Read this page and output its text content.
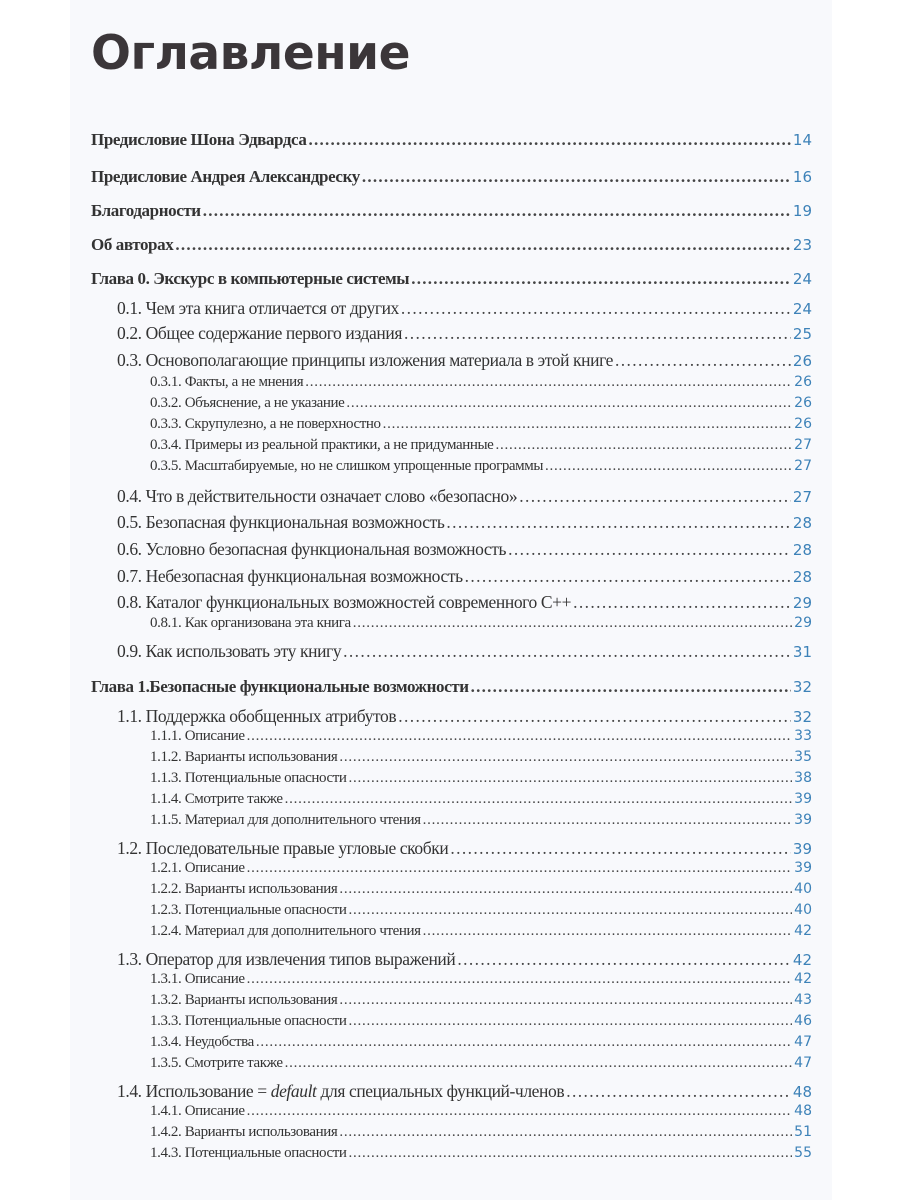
Оглавление
Предисловие Шона Эдвардса . . .	14
Предисловие Андрея Александреску . . .	16
Благодарности . . .	19
Об авторах . . .	23
Глава 0. Экскурс в компьютерные системы . . .	24
0.1. Чем эта книга отличается от других . . .	24
0.2. Общее содержание первого издания . . .	25
0.3. Основополагающие принципы изложения материала в этой книге . . .	26
0.3.1. Факты, а не мнения . . .	26
0.3.2. Объяснение, а не указание . . .	26
0.3.3. Скрупулезно, а не поверхностно . . .	26
0.3.4. Примеры из реальной практики, а не придуманные . . .	27
0.3.5. Масштабируемые, но не слишком упрощенные программы . . .	27
0.4. Что в действительности означает слово «безопасно» . . .	27
0.5. Безопасная функциональная возможность . . .	28
0.6. Условно безопасная функциональная возможность . . .	28
0.7. Небезопасная функциональная возможность . . .	28
0.8. Каталог функциональных возможностей современного C++ . . .	29
0.8.1. Как организована эта книга . . .	29
0.9. Как использовать эту книгу . . .	31
Глава 1.Безопасные функциональные возможности . . .	32
1.1. Поддержка обобщенных атрибутов . . .	32
1.1.1. Описание . . .	33
1.1.2. Варианты использования . . .	35
1.1.3. Потенциальные опасности . . .	38
1.1.4. Смотрите также . . .	39
1.1.5. Материал для дополнительного чтения . . .	39
1.2. Последовательные правые угловые скобки . . .	39
1.2.1. Описание . . .	39
1.2.2. Варианты использования . . .	40
1.2.3. Потенциальные опасности . . .	40
1.2.4. Материал для дополнительного чтения . . .	42
1.3. Оператор для извлечения типов выражений . . .	42
1.3.1. Описание . . .	42
1.3.2. Варианты использования . . .	43
1.3.3. Потенциальные опасности . . .	46
1.3.4. Неудобства . . .	47
1.3.5. Смотрите также . . .	47
1.4. Использование = default для специальных функций-членов . . .	48
1.4.1. Описание . . .	48
1.4.2. Варианты использования . . .	51
1.4.3. Потенциальные опасности . . .	55
